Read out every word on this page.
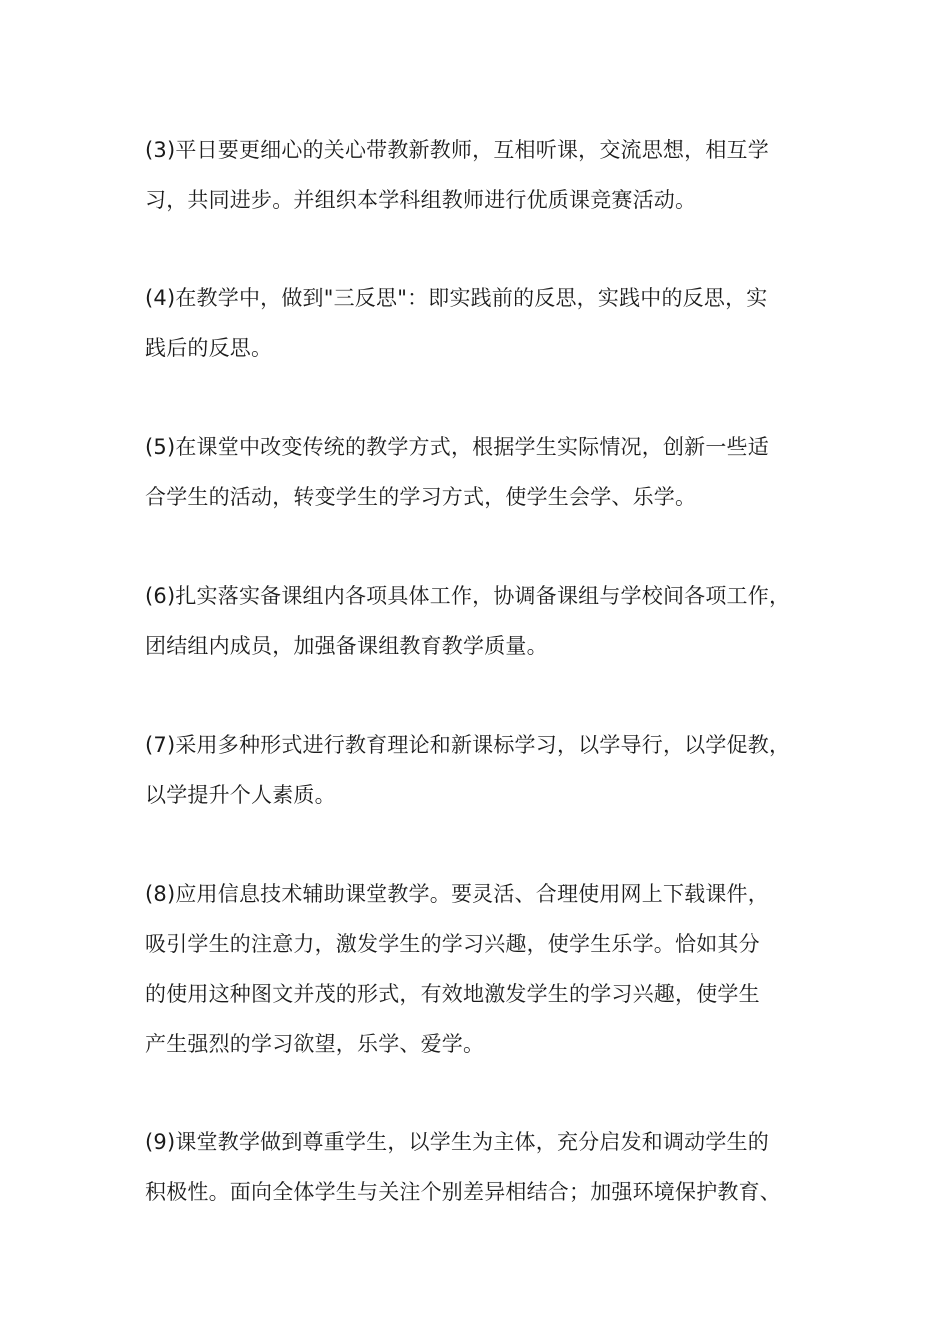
(3)平日要更细心的关心带教新教师，互相听课，交流思想，相互学
习，共同进步。并组织本学科组教师进行优质课竞赛活动。

(4)在教学中，做到"三反思"：即实践前的反思，实践中的反思，实
践后的反思。

(5)在课堂中改变传统的教学方式，根据学生实际情况，创新一些适
合学生的活动，转变学生的学习方式，使学生会学、乐学。

(6)扎实落实备课组内各项具体工作，协调备课组与学校间各项工作，
团结组内成员，加强备课组教育教学质量。

(7)采用多种形式进行教育理论和新课标学习，以学导行，以学促教，
以学提升个人素质。

(8)应用信息技术辅助课堂教学。要灵活、合理使用网上下载课件，
吸引学生的注意力，激发学生的学习兴趣，使学生乐学。恰如其分
的使用这种图文并茂的形式，有效地激发学生的学习兴趣，使学生
产生强烈的学习欲望，乐学、爱学。

(9)课堂教学做到尊重学生，以学生为主体，充分启发和调动学生的
积极性。面向全体学生与关注个别差异相结合；加强环境保护教育、
